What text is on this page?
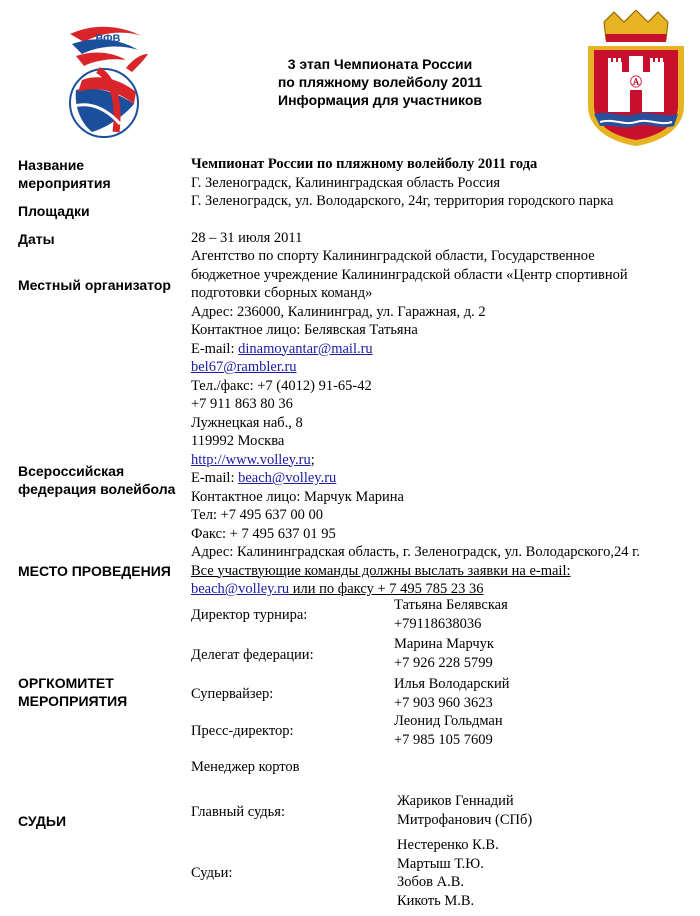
ВФВ
3 этап Чемпионата России
по пляжному волейболу 2011
Информация для участников
Ⓐ
Название
мероприятия
Площадки
Даты
Местный организатор
Всероссийская
федерация волейбола
МЕСТО ПРОВЕДЕНИЯ
ОРГКОМИТЕТ
МЕРОПРИЯТИЯ
СУДЬИ
Чемпионат России по пляжному волейболу 2011 года
Г. Зеленоградск, Калининградская область Россия
Г. Зеленоградск, ул. Володарского, 24г, территория городского парка
28 – 31 июля 2011
Агентство по спорту Калининградской области, Государственное
бюджетное учреждение Калининградской области «Центр спортивной
подготовки сборных команд»
Адрес: 236000, Калининград, ул. Гаражная, д. 2
Контактное лицо: Белявская Татьяна
E-mail: dinamoyantar@mail.ru
bel67@rambler.ru
Тел./факс: +7 (4012) 91-65-42
+7 911 863 80 36
Лужнецкая наб., 8
119992 Москва
http://www.volley.ru;
E-mail: beach@volley.ru
Контактное лицо: Марчук Марина
Тел: +7 495 637 00 00
Факс: + 7 495 637 01 95
Адрес: Калининградская область, г. Зеленоградск, ул. Володарского,24 г.
Все участвующие команды должны выслать заявки на e-mail:
beach@volley.ru или по факсу + 7 495 785 23 36
Директор турнира:
Татьяна Белявская
+79118638036
Делегат федерации:
Марина Марчук
+7 926 228 5799
Супервайзер:
Илья Володарский
+7 903 960 3623
Пресс-директор:
Леонид Гольдман
+7 985 105 7609
Менеджер кортов
Главный судья:
Жариков Геннадий
Митрофанович (СПб)
Судьи:
Нестеренко К.В.
Мартыш Т.Ю.
Зобов А.В.
Кикоть М.В.
